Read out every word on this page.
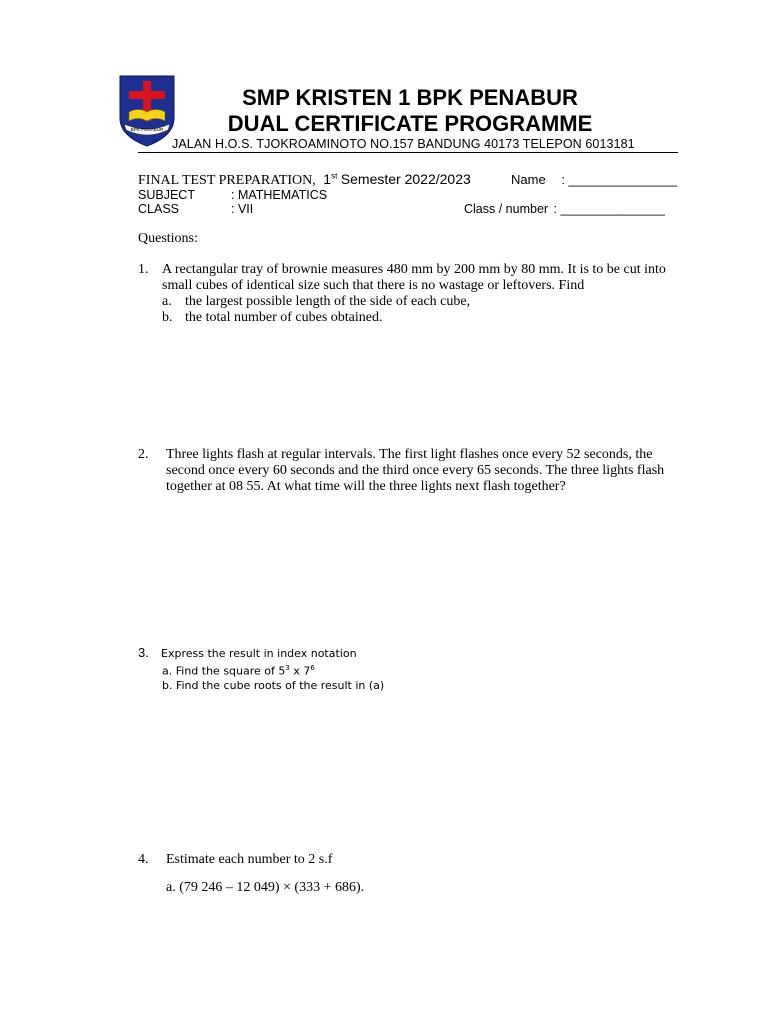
BPK PENABUR
SMP KRISTEN 1 BPK PENABUR
DUAL CERTIFICATE PROGRAMME
JALAN H.O.S. TJOKROAMINOTO NO.157 BANDUNG 40173 TELEPON 6013181
FINAL TEST PREPARATION, 1st Semester 2022/2023	Name : _______________
SUBJECT	: MATHEMATICS
CLASS	: VII	Class / number : _______________
Questions:
1. A rectangular tray of brownie measures 480 mm by 200 mm by 80 mm. It is to be cut into small cubes of identical size such that there is no wastage or leftovers. Find
a. the largest possible length of the side of each cube,
b. the total number of cubes obtained.
2. Three lights flash at regular intervals. The first light flashes once every 52 seconds, the second once every 60 seconds and the third once every 65 seconds. The three lights flash together at 08 55. At what time will the three lights next flash together?
3. Express the result in index notation
a. Find the square of $5^3$ x $7^6$
b. Find the cube roots of the result in (a)
4. Estimate each number to 2 s.f
a. (79 246 – 12 049) × (333 + 686).
